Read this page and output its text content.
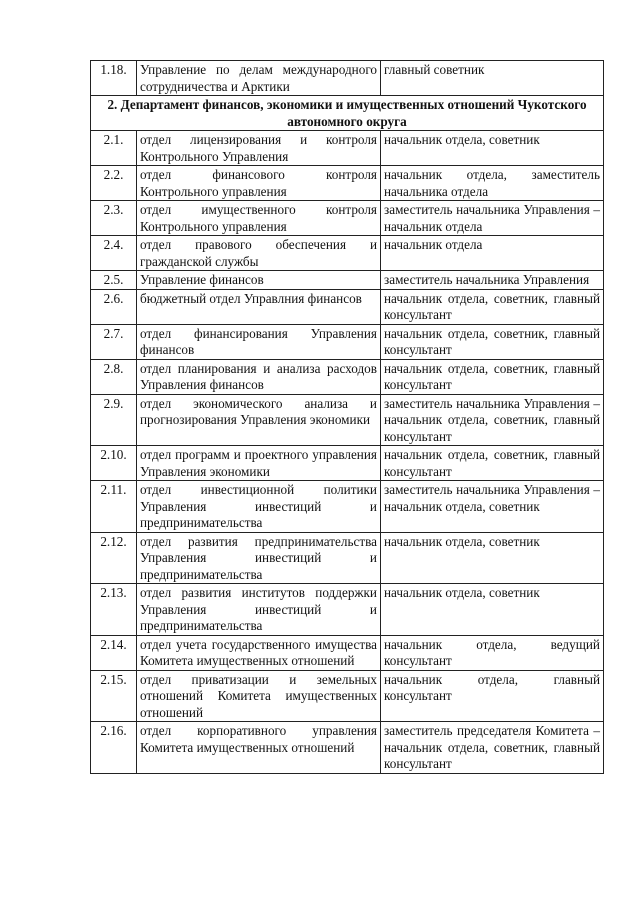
1.18.	Управление по делам международного сотрудничества и Арктики	главный советник
2. Департамент финансов, экономики и имущественных отношений Чукотского автономного округа		
2.1.	отдел лицензирования и контроля Контрольного Управления	начальник отдела, советник
2.2.	отдел финансового контроля Контрольного управления	начальник отдела, заместитель начальника отдела
2.3.	отдел имущественного контроля Контрольного управления	заместитель начальника Управления – начальник отдела
2.4.	отдел правового обеспечения и гражданской службы	начальник отдела
2.5.	Управление финансов	заместитель начальника Управления
2.6.	бюджетный отдел Управлния финансов	начальник отдела, советник, главный консультант
2.7.	отдел финансирования Управления финансов	начальник отдела, советник, главный консультант
2.8.	отдел планирования и анализа расходов Управления финансов	начальник отдела, советник, главный консультант
2.9.	отдел экономического анализа и прогнозирования Управления экономики	заместитель начальника Управления – начальник отдела, советник, главный консультант
2.10.	отдел программ и проектного управления Управления экономики	начальник отдела, советник, главный консультант
2.11.	отдел инвестиционной политики Управления инвестиций и предпринимательства	заместитель начальника Управления – начальник отдела, советник
2.12.	отдел развития предпринимательства Управления инвестиций и предпринимательства	начальник отдела, советник
2.13.	отдел развития институтов поддержки Управления инвестиций и предпринимательства	начальник отдела, советник
2.14.	отдел учета государственного имущества Комитета имущественных отношений	начальник отдела, ведущий консультант
2.15.	отдел приватизации и земельных отношений Комитета имущественных отношений	начальник отдела, главный консультант
2.16.	отдел корпоративного управления Комитета имущественных отношений	заместитель председателя Комитета – начальник отдела, советник, главный консультант
